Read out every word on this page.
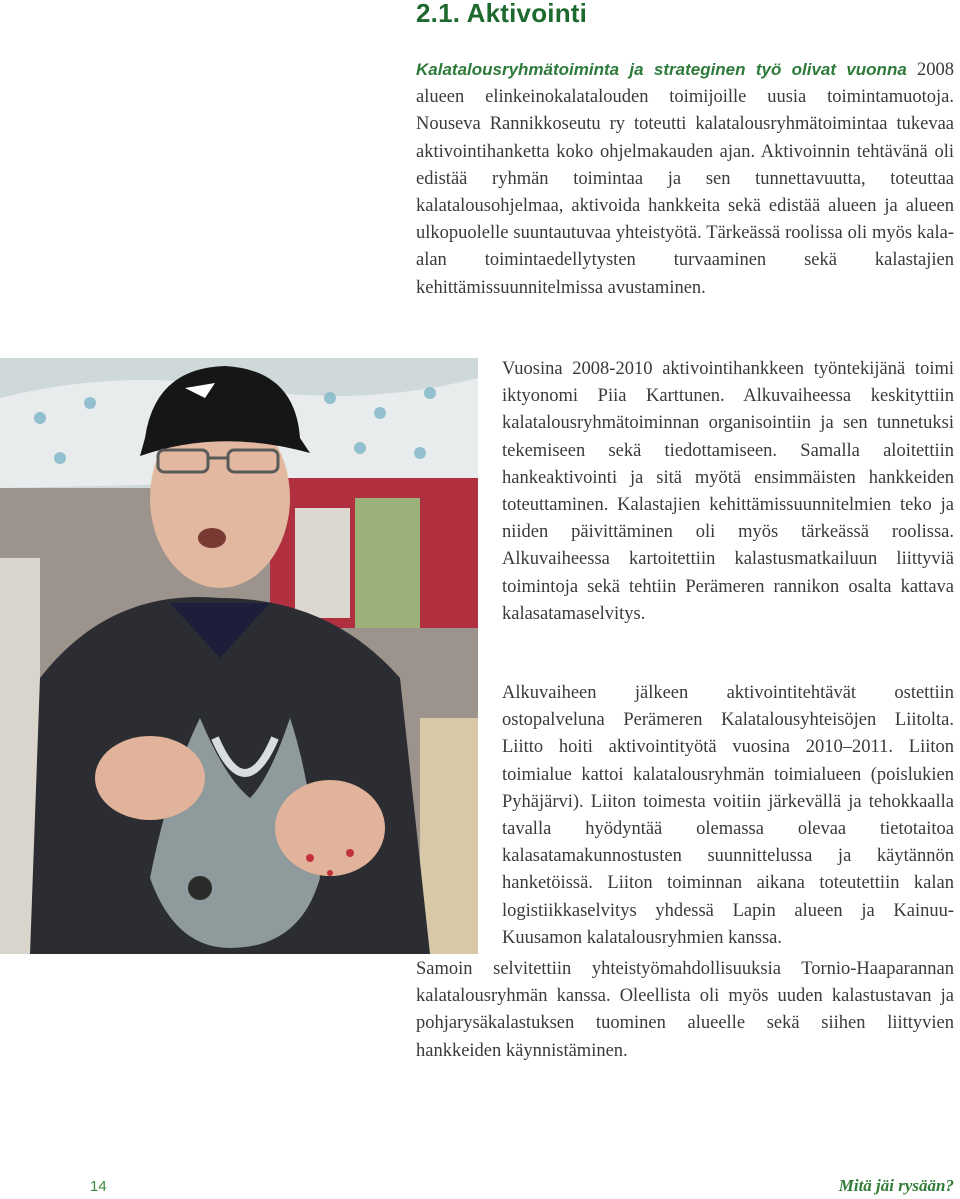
2.1. Aktivointi

Kalatalousryhmätoiminta ja strateginen työ olivat vuonna 2008 alueen elinkeinokalatalouden toimijoille uusia toimintamuotoja. Nouseva Rannikkoseutu ry toteutti kalatalousryhmätoimintaa tukevaa aktivointihanketta koko ohjelmakauden ajan. Aktivoinnin tehtävänä oli edistää ryhmän toimintaa ja sen tunnettavuutta, toteuttaa kalatalousohjelmaa, aktivoida hankkeita sekä edistää alueen ja alueen ulkopuolelle suuntautuvaa yhteistyötä. Tärkeässä roolissa oli myös kala-alan toimintaedellytysten turvaaminen sekä kalastajien kehittämissuunnitelmissa avustaminen.

Vuosina 2008-2010 aktivointihankkeen työntekijänä toimi iktyonomi Piia Karttunen. Alkuvaiheessa keskityttiin kalatalousryhmätoiminnan organisointiin ja sen tunnetuksi tekemiseen sekä tiedottamiseen. Samalla aloitettiin hankeaktivointi ja sitä myötä ensimmäisten hankkeiden toteuttaminen. Kalastajien kehittämissuunnitelmien teko ja niiden päivittäminen oli myös tärkeässä roolissa. Alkuvaiheessa kartoitettiin kalastusmatkailuun liittyviä toimintoja sekä tehtiin Perämeren rannikon osalta kattava kalasatamaselvitys.

Alkuvaiheen jälkeen aktivointitehtävät ostettiin ostopalveluna Perämeren Kalatalousyhteisöjen Liitolta. Liitto hoiti aktivointityötä vuosina 2010–2011. Liiton toimialue kattoi kalatalousryhmän toimialueen (poislukien Pyhäjärvi). Liiton toimesta voitiin järkevällä ja tehokkaalla tavalla hyödyntää olemassa olevaa tietotaitoa kalasatamakunnostusten suunnittelussa ja käytännön hanketöissä. Liiton toiminnan aikana toteutettiin kalan logistiikkaselvitys yhdessä Lapin alueen ja Kainuu-Kuusamon kalatalousryhmien kanssa.

Samoin selvitettiin yhteistyömahdollisuuksia Tornio-Haaparannan kalatalousryhmän kanssa. Oleellista oli myös uuden kalastustavan ja pohjarysäkalastuksen tuominen alueelle sekä siihen liittyvien hankkeiden käynnistäminen.

14	Mitä jäi rysään?
